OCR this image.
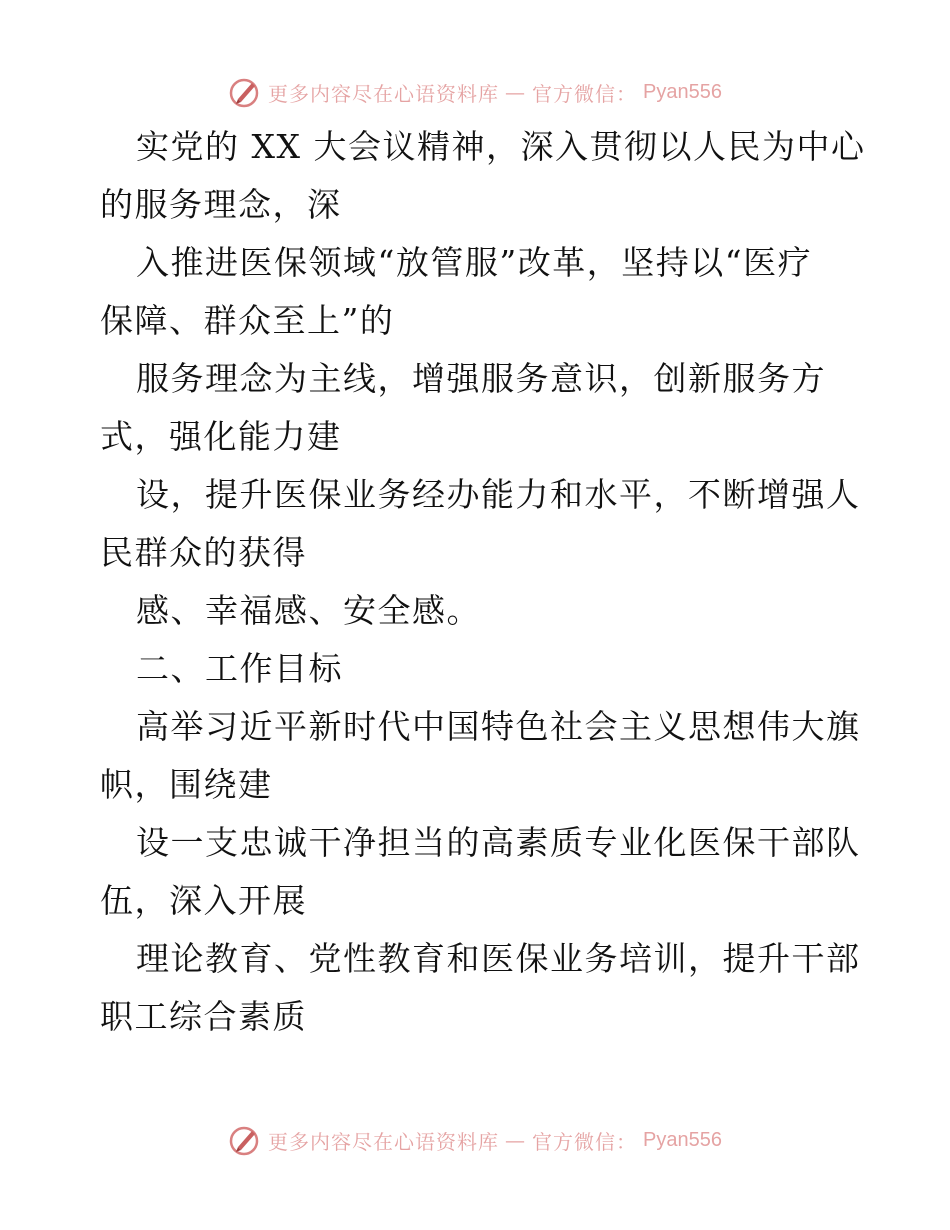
更多内容尽在心语资料库 — 官方微信： Pyan556
实党的 XX 大会议精神，深入贯彻以人民为中心
的服务理念，深
入推进医保领域“放管服”改革，坚持以“医疗
保障、群众至上”的
服务理念为主线，增强服务意识，创新服务方
式，强化能力建
设，提升医保业务经办能力和水平，不断增强人
民群众的获得
感、幸福感、安全感。
二、工作目标
高举习近平新时代中国特色社会主义思想伟大旗
帜，围绕建
设一支忠诚干净担当的高素质专业化医保干部队
伍，深入开展
理论教育、党性教育和医保业务培训，提升干部
职工综合素质
更多内容尽在心语资料库 — 官方微信： Pyan556
